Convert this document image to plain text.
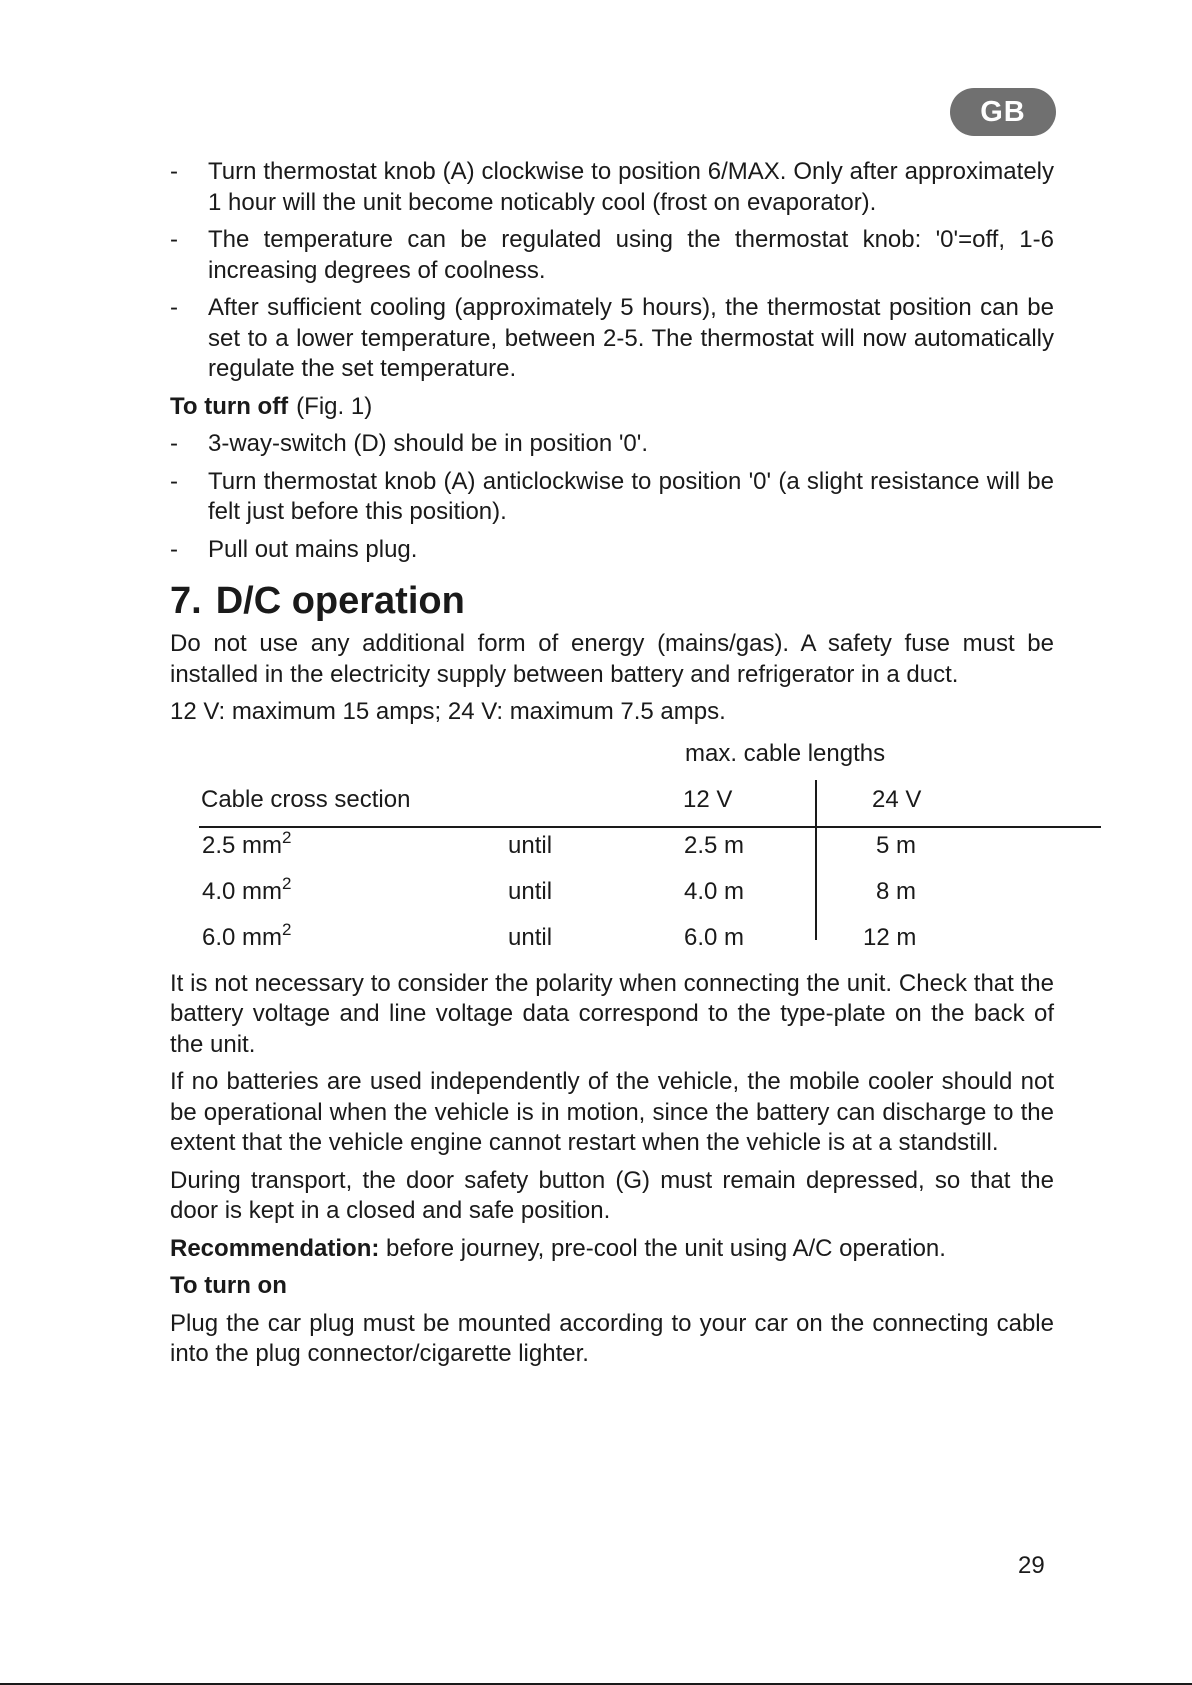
GB
-	Turn thermostat knob (A) clockwise to position 6/MAX. Only after approximately 1 hour will the unit become noticably cool (frost on evaporator).
-	The temperature can be regulated using the thermostat knob: '0'=off, 1-6 increasing degrees of coolness.
-	After sufficient cooling (approximately 5 hours), the thermostat position can be set to a lower temperature, between 2-5. The thermostat will now automatically regulate the set temperature.
To turn off (Fig. 1)
-	3-way-switch (D) should be in position '0'.
-	Turn thermostat knob (A) anticlockwise to position '0' (a slight resistance will be felt just before this position).
-	Pull out mains plug.
7. D/C operation
Do not use any additional form of energy (mains/gas). A safety fuse must be installed in the electricity supply between battery and refrigerator in a duct.
12 V: maximum 15 amps; 24 V: maximum 7.5 amps.
max. cable lengths
Cable cross section	12 V	24 V
2.5 $mm^2$	until	2.5 m	5 m
4.0 $mm^2$	until	4.0 m	8 m
6.0 $mm^2$	until	6.0 m	12 m
It is not necessary to consider the polarity when connecting the unit. Check that the battery voltage and line voltage data correspond to the type-plate on the back of the unit.
If no batteries are used independently of the vehicle, the mobile cooler should not be operational when the vehicle is in motion, since the battery can discharge to the extent that the vehicle engine cannot restart when the vehicle is at a standstill.
During transport, the door safety button (G) must remain depressed, so that the door is kept in a closed and safe position.
Recommendation: before journey, pre-cool the unit using A/C operation.
To turn on
Plug the car plug must be mounted according to your car on the connecting cable into the plug connector/cigarette lighter.
29
